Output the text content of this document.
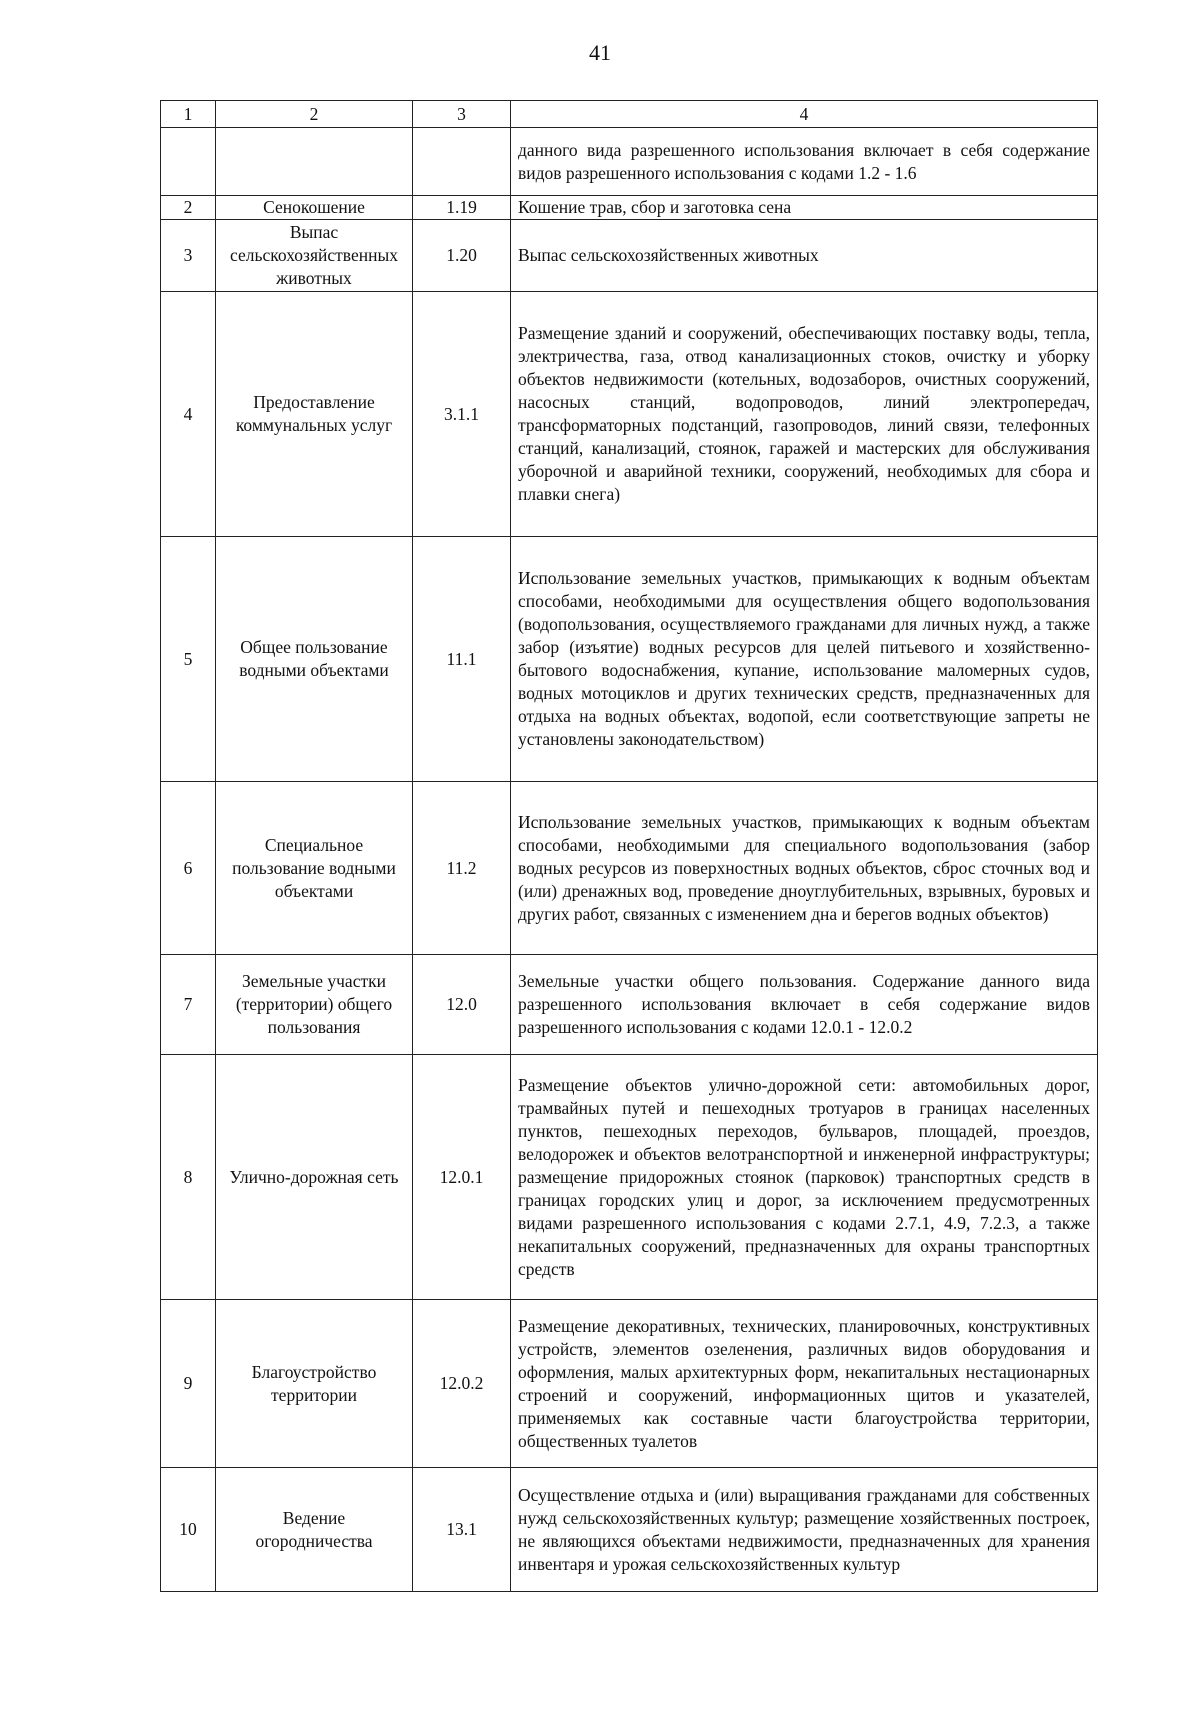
41
1	2	3	4
			данного вида разрешенного использования включает в себя содержание видов разрешенного использования с кодами 1.2 - 1.6
2	Сенокошение	1.19	Кошение трав, сбор и заготовка сена
3	Выпас сельскохозяйственных животных	1.20	Выпас сельскохозяйственных животных
4	Предоставление коммунальных услуг	3.1.1	Размещение зданий и сооружений, обеспечивающих поставку воды, тепла, электричества, газа, отвод канализационных стоков, очистку и уборку объектов недвижимости (котельных, водозаборов, очистных сооружений, насосных станций, водопроводов, линий электропередач, трансформаторных подстанций, газопроводов, линий связи, телефонных станций, канализаций, стоянок, гаражей и мастерских для обслуживания уборочной и аварийной техники, сооружений, необходимых для сбора и плавки снега)
5	Общее пользование водными объектами	11.1	Использование земельных участков, примыкающих к водным объектам способами, необходимыми для осуществления общего водопользования (водопользования, осуществляемого гражданами для личных нужд, а также забор (изъятие) водных ресурсов для целей питьевого и хозяйственно-бытового водоснабжения, купание, использование маломерных судов, водных мотоциклов и других технических средств, предназначенных для отдыха на водных объектах, водопой, если соответствующие запреты не установлены законодательством)
6	Специальное пользование водными объектами	11.2	Использование земельных участков, примыкающих к водным объектам способами, необходимыми для специального водопользования (забор водных ресурсов из поверхностных водных объектов, сброс сточных вод и (или) дренажных вод, проведение дноуглубительных, взрывных, буровых и других работ, связанных с изменением дна и берегов водных объектов)
7	Земельные участки (территории) общего пользования	12.0	Земельные участки общего пользования. Содержание данного вида разрешенного использования включает в себя содержание видов разрешенного использования с кодами 12.0.1 - 12.0.2
8	Улично-дорожная сеть	12.0.1	Размещение объектов улично-дорожной сети: автомобильных дорог, трамвайных путей и пешеходных тротуаров в границах населенных пунктов, пешеходных переходов, бульваров, площадей, проездов, велодорожек и объектов велотранспортной и инженерной инфраструктуры; размещение придорожных стоянок (парковок) транспортных средств в границах городских улиц и дорог, за исключением предусмотренных видами разрешенного использования с кодами 2.7.1, 4.9, 7.2.3, а также некапитальных сооружений, предназначенных для охраны транспортных средств
9	Благоустройство территории	12.0.2	Размещение декоративных, технических, планировочных, конструктивных устройств, элементов озеленения, различных видов оборудования и оформления, малых архитектурных форм, некапитальных нестационарных строений и сооружений, информационных щитов и указателей, применяемых как составные части благоустройства территории, общественных туалетов
10	Ведение огородничества	13.1	Осуществление отдыха и (или) выращивания гражданами для собственных нужд сельскохозяйственных культур; размещение хозяйственных построек, не являющихся объектами недвижимости, предназначенных для хранения инвентаря и урожая сельскохозяйственных культур
